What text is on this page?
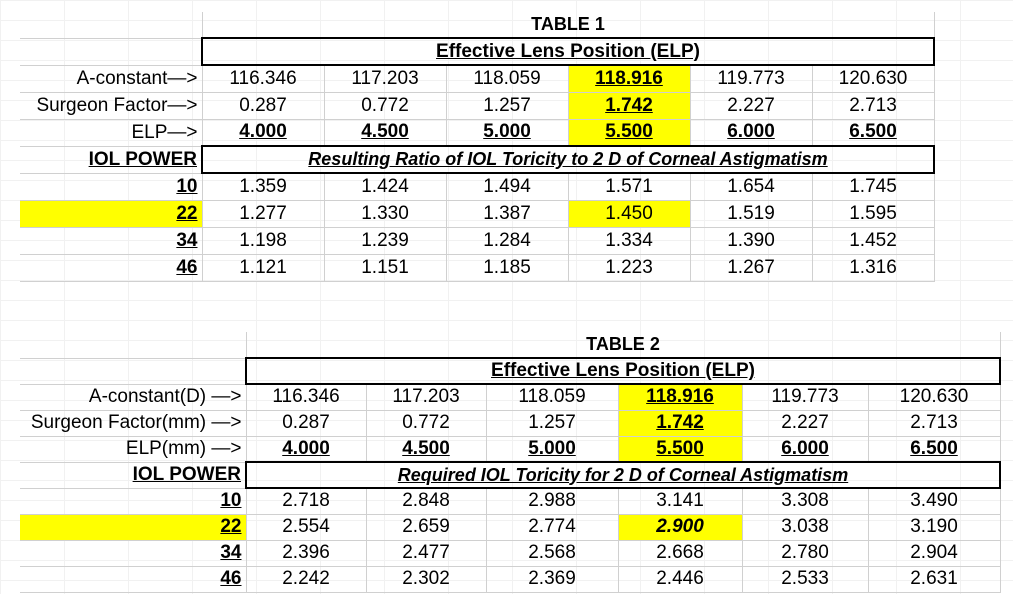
	TABLE 1					
	Effective Lens Position (ELP)					
A-constant—>	116.346	117.203	118.059	118.916	119.773	120.630
Surgeon Factor—>	0.287	0.772	1.257	1.742	2.227	2.713
ELP—>	4.000	4.500	5.000	5.500	6.000	6.500
IOL POWER	Resulting Ratio of IOL Toricity to 2 D of Corneal Astigmatism					
10	1.359	1.424	1.494	1.571	1.654	1.745
22	1.277	1.330	1.387	1.450	1.519	1.595
34	1.198	1.239	1.284	1.334	1.390	1.452
46	1.121	1.151	1.185	1.223	1.267	1.316
	TABLE 2					
	Effective Lens Position (ELP)					
A-constant(D) —>	116.346	117.203	118.059	118.916	119.773	120.630
Surgeon Factor(mm) —>	0.287	0.772	1.257	1.742	2.227	2.713
ELP(mm) —>	4.000	4.500	5.000	5.500	6.000	6.500
IOL POWER	Required IOL Toricity for 2 D of Corneal Astigmatism					
10	2.718	2.848	2.988	3.141	3.308	3.490
22	2.554	2.659	2.774	2.900	3.038	3.190
34	2.396	2.477	2.568	2.668	2.780	2.904
46	2.242	2.302	2.369	2.446	2.533	2.631
